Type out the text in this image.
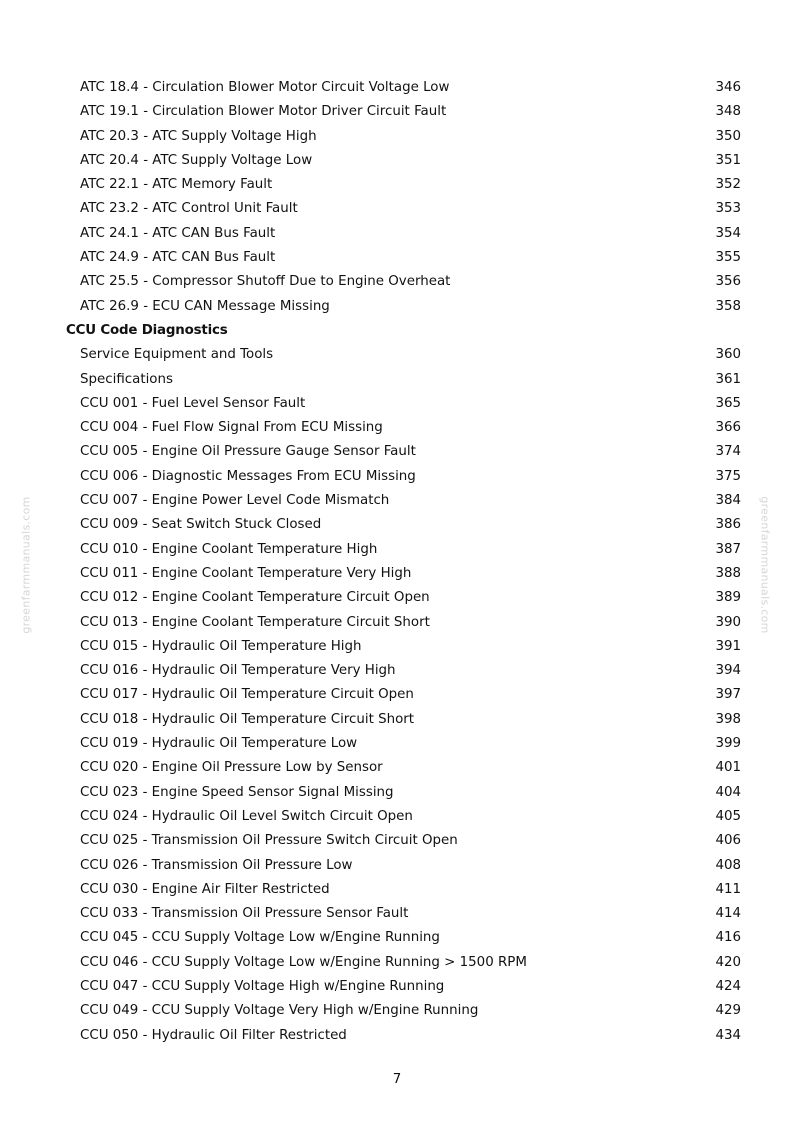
greenfarmmanuals.com	greenfarmmanuals.com
ATC 18.4 - Circulation Blower Motor Circuit Voltage Low	346
ATC 19.1 - Circulation Blower Motor Driver Circuit Fault	348
ATC 20.3 - ATC Supply Voltage High	350
ATC 20.4 - ATC Supply Voltage Low	351
ATC 22.1 - ATC Memory Fault	352
ATC 23.2 - ATC Control Unit Fault	353
ATC 24.1 - ATC CAN Bus Fault	354
ATC 24.9 - ATC CAN Bus Fault	355
ATC 25.5 - Compressor Shutoff Due to Engine Overheat	356
ATC 26.9 - ECU CAN Message Missing	358
CCU Code Diagnostics
Service Equipment and Tools	360
Specifications	361
CCU 001 - Fuel Level Sensor Fault	365
CCU 004 - Fuel Flow Signal From ECU Missing	366
CCU 005 - Engine Oil Pressure Gauge Sensor Fault	374
CCU 006 - Diagnostic Messages From ECU Missing	375
CCU 007 - Engine Power Level Code Mismatch	384
CCU 009 - Seat Switch Stuck Closed	386
CCU 010 - Engine Coolant Temperature High	387
CCU 011 - Engine Coolant Temperature Very High	388
CCU 012 - Engine Coolant Temperature Circuit Open	389
CCU 013 - Engine Coolant Temperature Circuit Short	390
CCU 015 - Hydraulic Oil Temperature High	391
CCU 016 - Hydraulic Oil Temperature Very High	394
CCU 017 - Hydraulic Oil Temperature Circuit Open	397
CCU 018 - Hydraulic Oil Temperature Circuit Short	398
CCU 019 - Hydraulic Oil Temperature Low	399
CCU 020 - Engine Oil Pressure Low by Sensor	401
CCU 023 - Engine Speed Sensor Signal Missing	404
CCU 024 - Hydraulic Oil Level Switch Circuit Open	405
CCU 025 - Transmission Oil Pressure Switch Circuit Open	406
CCU 026 - Transmission Oil Pressure Low	408
CCU 030 - Engine Air Filter Restricted	411
CCU 033 - Transmission Oil Pressure Sensor Fault	414
CCU 045 - CCU Supply Voltage Low w/Engine Running	416
CCU 046 - CCU Supply Voltage Low w/Engine Running > 1500 RPM	420
CCU 047 - CCU Supply Voltage High w/Engine Running	424
CCU 049 - CCU Supply Voltage Very High w/Engine Running	429
CCU 050 - Hydraulic Oil Filter Restricted	434
7
